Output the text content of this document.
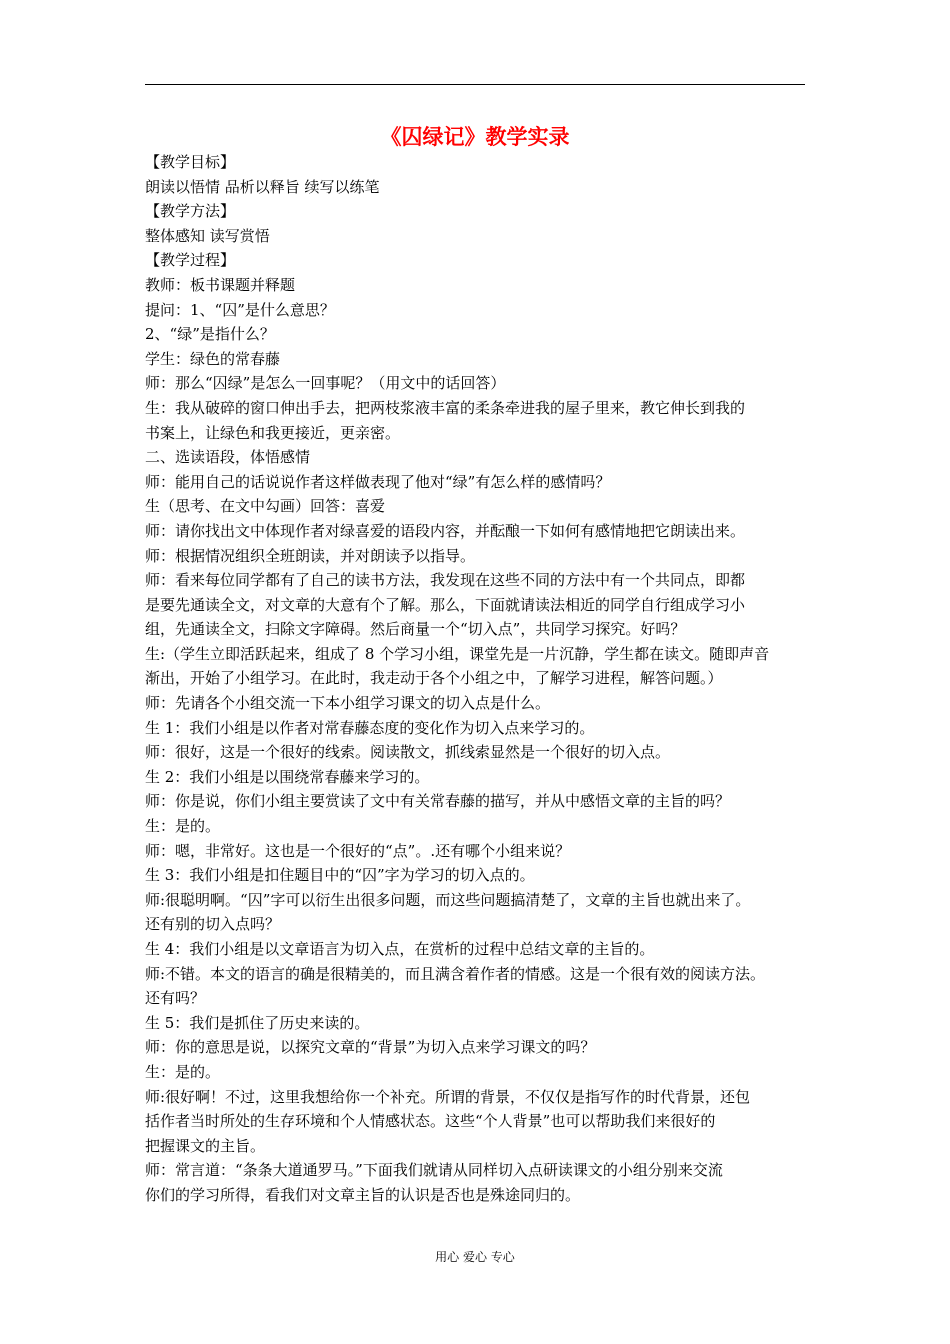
《囚绿记》教学实录

【教学目标】

朗读以悟情 品析以释旨 续写以练笔

【教学方法】

整体感知 读写赏悟

【教学过程】

教师：板书课题并释题

提问：1、“囚”是什么意思？

2、“绿”是指什么？

学生：绿色的常春藤

师：那么“囚绿”是怎么一回事呢？（用文中的话回答）

生：我从破碎的窗口伸出手去，把两枝浆液丰富的柔条牵进我的屋子里来，教它伸长到我的

书案上，让绿色和我更接近，更亲密。

二、选读语段，体悟感情

师：能用自己的话说说作者这样做表现了他对“绿”有怎么样的感情吗？

生（思考、在文中勾画）回答：喜爱

师：请你找出文中体现作者对绿喜爱的语段内容，并酝酿一下如何有感情地把它朗读出来。

师：根据情况组织全班朗读，并对朗读予以指导。

师：看来每位同学都有了自己的读书方法，我发现在这些不同的方法中有一个共同点，即都

是要先通读全文，对文章的大意有个了解。那么，下面就请读法相近的同学自行组成学习小

组，先通读全文，扫除文字障碍。然后商量一个“切入点”，共同学习探究。好吗？

生:（学生立即活跃起来，组成了 8 个学习小组，课堂先是一片沉静，学生都在读文。随即声音

渐出，开始了小组学习。在此时，我走动于各个小组之中，了解学习进程，解答问题。）

师：先请各个小组交流一下本小组学习课文的切入点是什么。

生 1：我们小组是以作者对常春藤态度的变化作为切入点来学习的。

师：很好，这是一个很好的线索。阅读散文，抓线索显然是一个很好的切入点。

生 2：我们小组是以围绕常春藤来学习的。

师：你是说，你们小组主要赏读了文中有关常春藤的描写，并从中感悟文章的主旨的吗？

生：是的。

师：嗯，非常好。这也是一个很好的“点”。.还有哪个小组来说？

生 3：我们小组是扣住题目中的“囚”字为学习的切入点的。

师:很聪明啊。“囚”字可以衍生出很多问题，而这些问题搞清楚了，文章的主旨也就出来了。

还有别的切入点吗？

生 4：我们小组是以文章语言为切入点，在赏析的过程中总结文章的主旨的。

师:不错。本文的语言的确是很精美的，而且满含着作者的情感。这是一个很有效的阅读方法。

还有吗？

生 5：我们是抓住了历史来读的。

师：你的意思是说，以探究文章的“背景”为切入点来学习课文的吗？

生：是的。

师:很好啊！不过，这里我想给你一个补充。所谓的背景，不仅仅是指写作的时代背景，还包

括作者当时所处的生存环境和个人情感状态。这些“个人背景”也可以帮助我们来很好的

把握课文的主旨。

师：常言道：“条条大道通罗马。”下面我们就请从同样切入点研读课文的小组分别来交流

你们的学习所得，看我们对文章主旨的认识是否也是殊途同归的。

用心 爱心 专心
